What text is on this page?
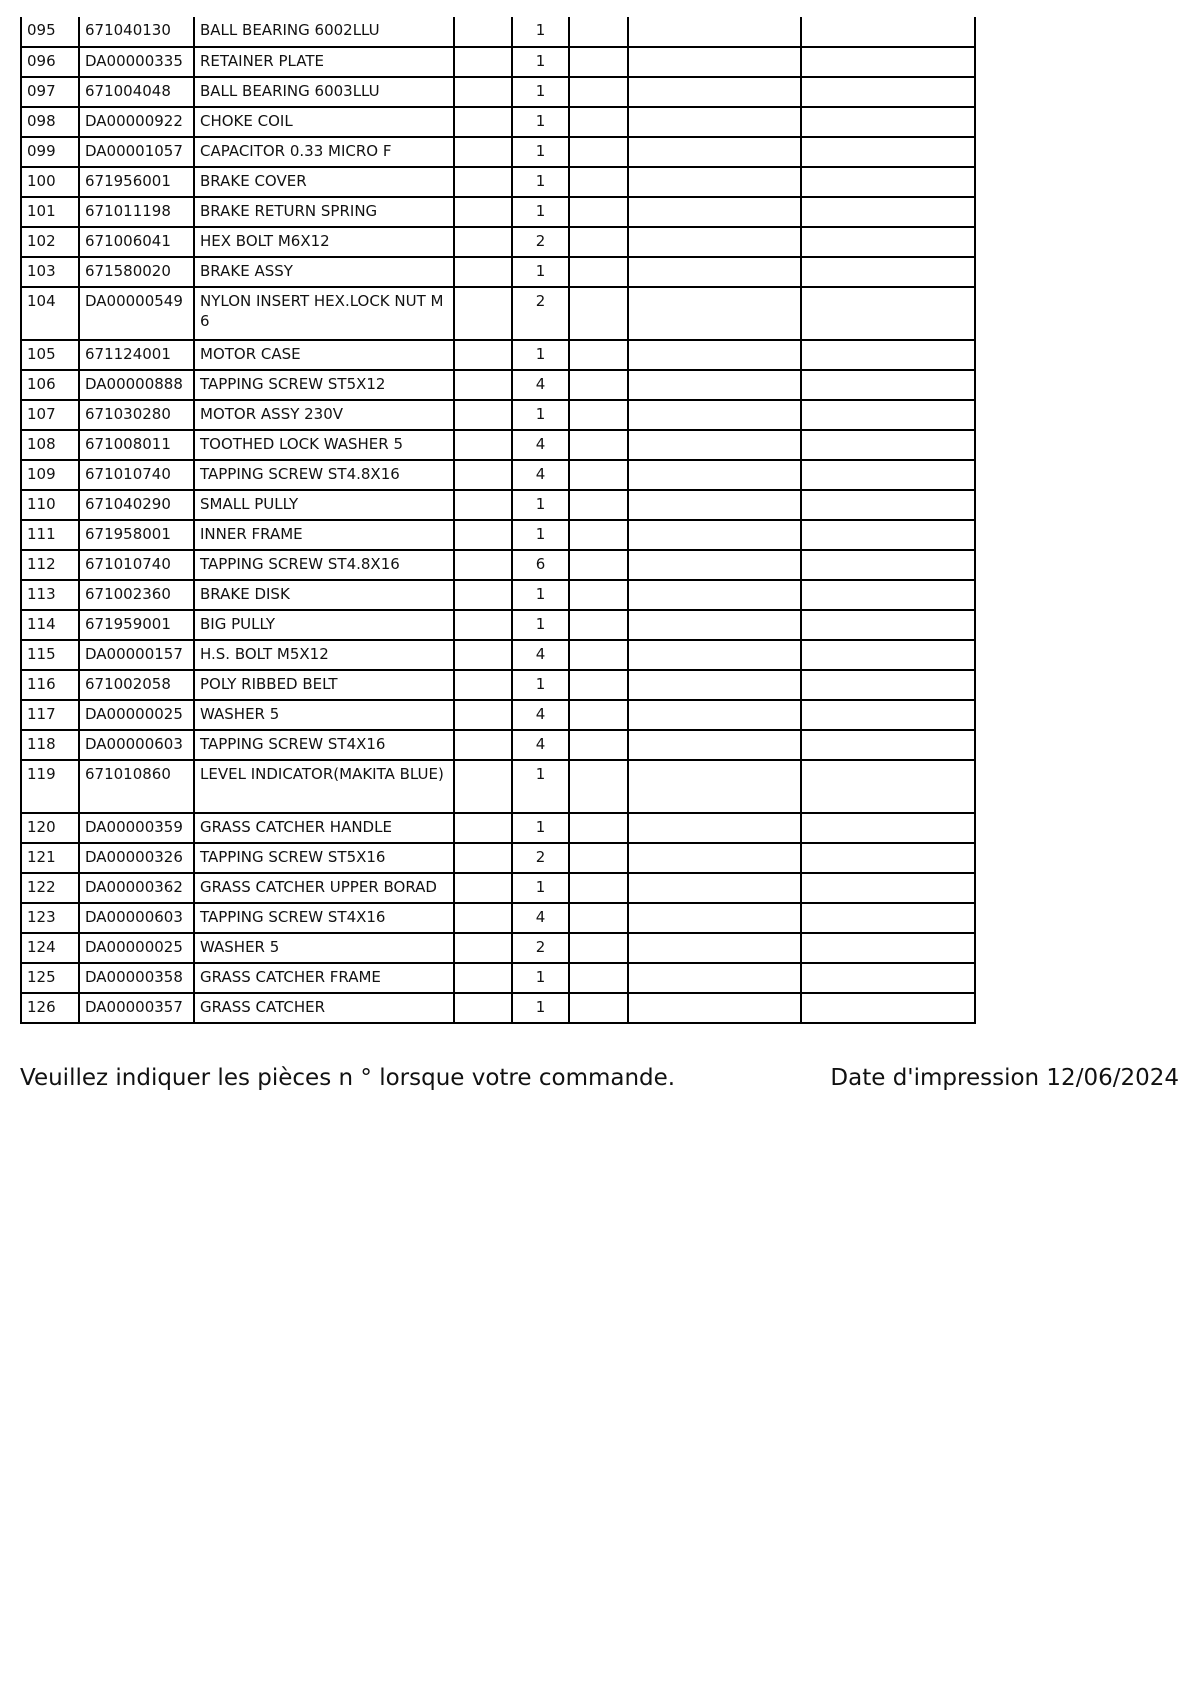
095	671040130	BALL BEARING 6002LLU		1			
096	DA00000335	RETAINER PLATE		1			
097	671004048	BALL BEARING 6003LLU		1			
098	DA00000922	CHOKE COIL		1			
099	DA00001057	CAPACITOR 0.33 MICRO F		1			
100	671956001	BRAKE COVER		1			
101	671011198	BRAKE RETURN SPRING		1			
102	671006041	HEX BOLT M6X12		2			
103	671580020	BRAKE ASSY		1			
104	DA00000549	NYLON INSERT HEX.LOCK NUT M6		2			
105	671124001	MOTOR CASE		1			
106	DA00000888	TAPPING SCREW ST5X12		4			
107	671030280	MOTOR ASSY 230V		1			
108	671008011	TOOTHED LOCK WASHER 5		4			
109	671010740	TAPPING SCREW ST4.8X16		4			
110	671040290	SMALL PULLY		1			
111	671958001	INNER FRAME		1			
112	671010740	TAPPING SCREW ST4.8X16		6			
113	671002360	BRAKE DISK		1			
114	671959001	BIG PULLY		1			
115	DA00000157	H.S. BOLT M5X12		4			
116	671002058	POLY RIBBED BELT		1			
117	DA00000025	WASHER 5		4			
118	DA00000603	TAPPING SCREW ST4X16		4			
119	671010860	LEVEL INDICATOR(MAKITA BLUE)		1			
120	DA00000359	GRASS CATCHER HANDLE		1			
121	DA00000326	TAPPING SCREW ST5X16		2			
122	DA00000362	GRASS CATCHER UPPER BORAD		1			
123	DA00000603	TAPPING SCREW ST4X16		4			
124	DA00000025	WASHER 5		2			
125	DA00000358	GRASS CATCHER FRAME		1			
126	DA00000357	GRASS CATCHER		1			
Veuillez indiquer les pièces n ° lorsque votre commande.	Date d'impression 12/06/2024
